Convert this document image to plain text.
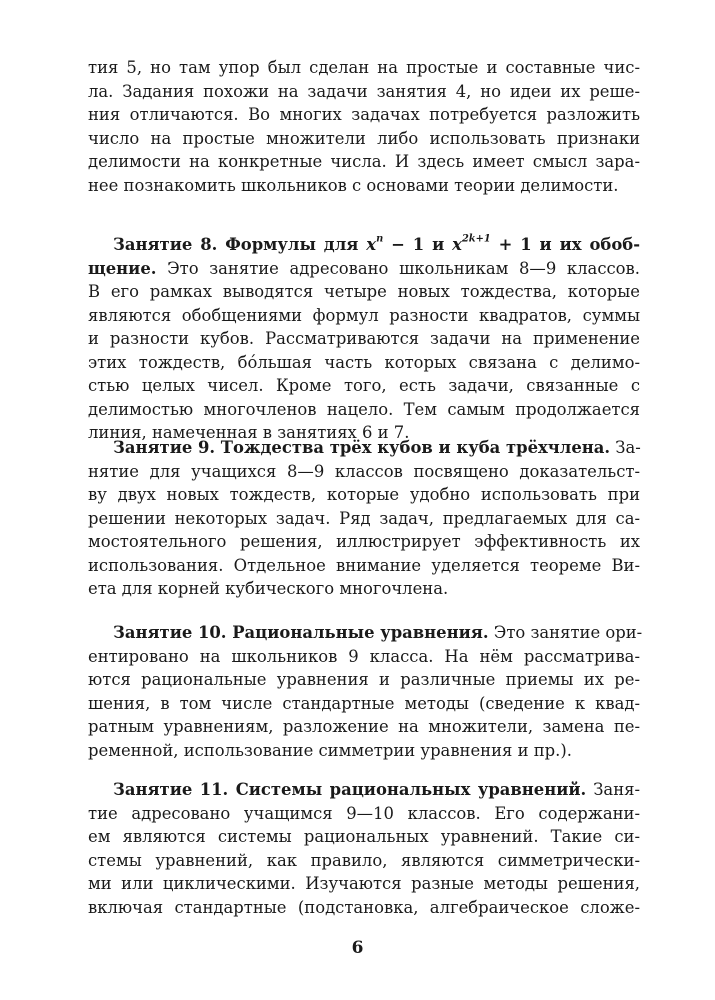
тия 5, но там упор был сделан на простые и составные чис-
ла. Задания похожи на задачи занятия 4, но идеи их реше-
ния отличаются. Во многих задачах потребуется разложить
число на простые множители либо использовать признаки
делимости на конкретные числа. И здесь имеет смысл зара-
нее познакомить школьников с основами теории делимости.
Занятие 8. Формулы для $x^n - 1$ и $x^{2k+1} + 1$ и их обоб-
щение. Это занятие адресовано школьникам 8—9 классов.
В его рамках выводятся четыре новых тождества, которые
являются обобщениями формул разности квадратов, суммы
и разности кубов. Рассматриваются задачи на применение
этих тождеств, бóльшая часть которых связана с делимо-
стью целых чисел. Кроме того, есть задачи, связанные с
делимостью многочленов нацело. Тем самым продолжается
линия, намеченная в занятиях 6 и 7.
Занятие 9. Тождества трёх кубов и куба трёхчлена. За-
нятие для учащихся 8—9 классов посвящено доказательст-
ву двух новых тождеств, которые удобно использовать при
решении некоторых задач. Ряд задач, предлагаемых для са-
мостоятельного решения, иллюстрирует эффективность их
использования. Отдельное внимание уделяется теореме Ви-
ета для корней кубического многочлена.
Занятие 10. Рациональные уравнения. Это занятие ори-
ентировано на школьников 9 класса. На нём рассматрива-
ются рациональные уравнения и различные приемы их ре-
шения, в том числе стандартные методы (сведение к квад-
ратным уравнениям, разложение на множители, замена пе-
ременной, использование симметрии уравнения и пр.).
Занятие 11. Системы рациональных уравнений. Заня-
тие адресовано учащимся 9—10 классов. Его содержани-
ем являются системы рациональных уравнений. Такие си-
стемы уравнений, как правило, являются симметрически-
ми или циклическими. Изучаются разные методы решения,
включая стандартные (подстановка, алгебраическое сложе-
6
